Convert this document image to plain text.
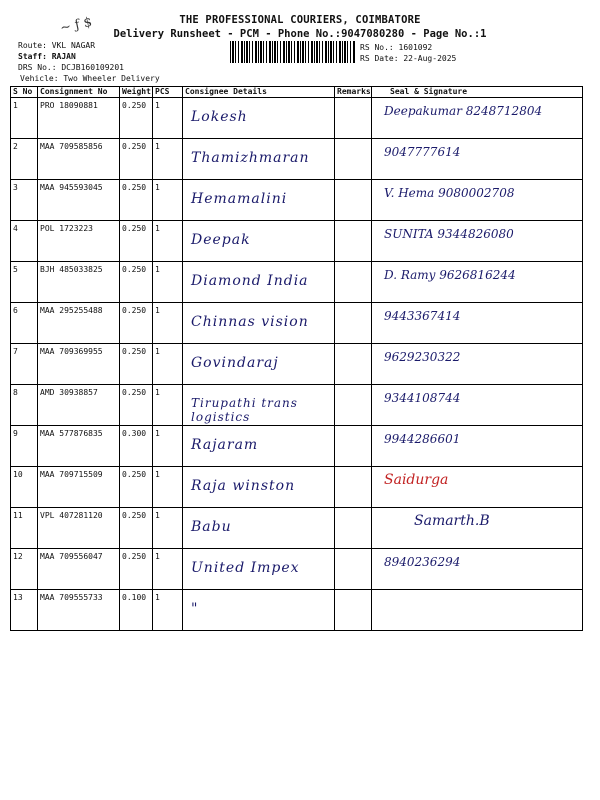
~ ƒ $	THE PROFESSIONAL COURIERS, COIMBATORE
Delivery Runsheet - PCM - Phone No.:9047080280 - Page No.:1
Route: VKL NAGAR
Staff: RAJAN
DRS No.: DCJB160109201
Vehicle: Two Wheeler Delivery
RS No.: 1601092
RS Date: 22-Aug-2025
S No	Consignment No	Weight	PCS	Consignee Details	Remarks	Seal & Signature
1	PRO 18090881	0.250	1	Lokesh		Deepakumar 8248712804
2	MAA 709585856	0.250	1	Thamizhmaran		9047777614
3	MAA 945593045	0.250	1	Hemamalini		V. Hema 9080002708
4	POL 1723223	0.250	1	Deepak		SUNITA 9344826080
5	BJH 485033825	0.250	1	Diamond India		D. Ramy 9626816244
6	MAA 295255488	0.250	1	Chinnas vision		9443367414
7	MAA 709369955	0.250	1	Govindaraj		9629230322
8	AMD 30938857	0.250	1	Tirupathi trans logistics		9344108744
9	MAA 577876835	0.300	1	Rajaram		9944286601
10	MAA 709715509	0.250	1	Raja winston		Saidurga
11	VPL 407281120	0.250	1	Babu		Samarth.B
12	MAA 709556047	0.250	1	United Impex		8940236294
13	MAA 709555733	0.100	1	"		
